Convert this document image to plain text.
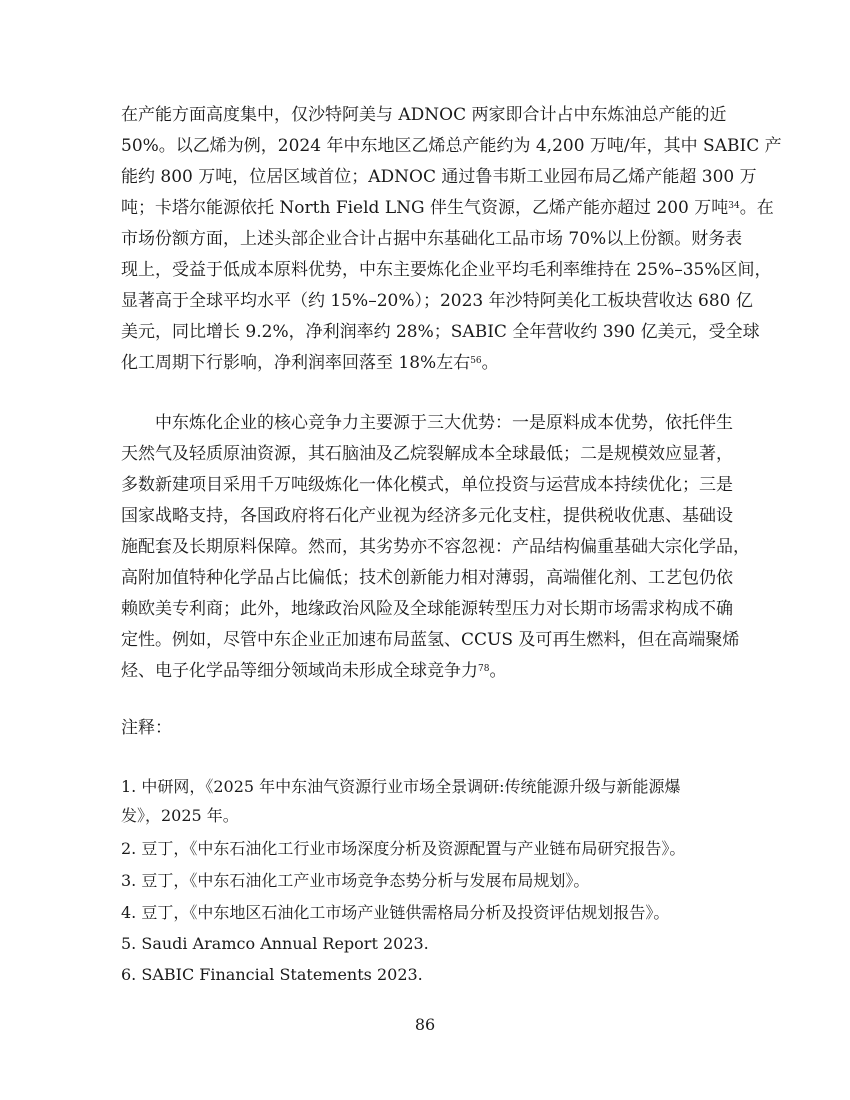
在产能方面高度集中，仅沙特阿美与 ADNOC 两家即合计占中东炼油总产能的近
50%。以乙烯为例，2024 年中东地区乙烯总产能约为 4,200 万吨/年，其中 SABIC 产
能约 800 万吨，位居区域首位；ADNOC 通过鲁韦斯工业园布局乙烯产能超 300 万
吨；卡塔尔能源依托 North Field LNG 伴生气资源，乙烯产能亦超过 200 万吨$^{34}$。在
市场份额方面，上述头部企业合计占据中东基础化工品市场 70%以上份额。财务表
现上，受益于低成本原料优势，中东主要炼化企业平均毛利率维持在 25%–35%区间，
显著高于全球平均水平（约 15%–20%）；2023 年沙特阿美化工板块营收达 680 亿
美元，同比增长 9.2%，净利润率约 28%；SABIC 全年营收约 390 亿美元，受全球
化工周期下行影响，净利润率回落至 18%左右$^{56}$。
中东炼化企业的核心竞争力主要源于三大优势：一是原料成本优势，依托伴生
天然气及轻质原油资源，其石脑油及乙烷裂解成本全球最低；二是规模效应显著，
多数新建项目采用千万吨级炼化一体化模式，单位投资与运营成本持续优化；三是
国家战略支持，各国政府将石化产业视为经济多元化支柱，提供税收优惠、基础设
施配套及长期原料保障。然而，其劣势亦不容忽视：产品结构偏重基础大宗化学品，
高附加值特种化学品占比偏低；技术创新能力相对薄弱，高端催化剂、工艺包仍依
赖欧美专利商；此外，地缘政治风险及全球能源转型压力对长期市场需求构成不确
定性。例如，尽管中东企业正加速布局蓝氢、CCUS 及可再生燃料，但在高端聚烯
烃、电子化学品等细分领域尚未形成全球竞争力$^{78}$。
注释：
1. 中研网，《2025 年中东油气资源行业市场全景调研:传统能源升级与新能源爆
发》，2025 年。
2. 豆丁，《中东石油化工行业市场深度分析及资源配置与产业链布局研究报告》。
3. 豆丁，《中东石油化工产业市场竞争态势分析与发展布局规划》。
4. 豆丁，《中东地区石油化工市场产业链供需格局分析及投资评估规划报告》。
5. Saudi Aramco Annual Report 2023.
6. SABIC Financial Statements 2023.
86
